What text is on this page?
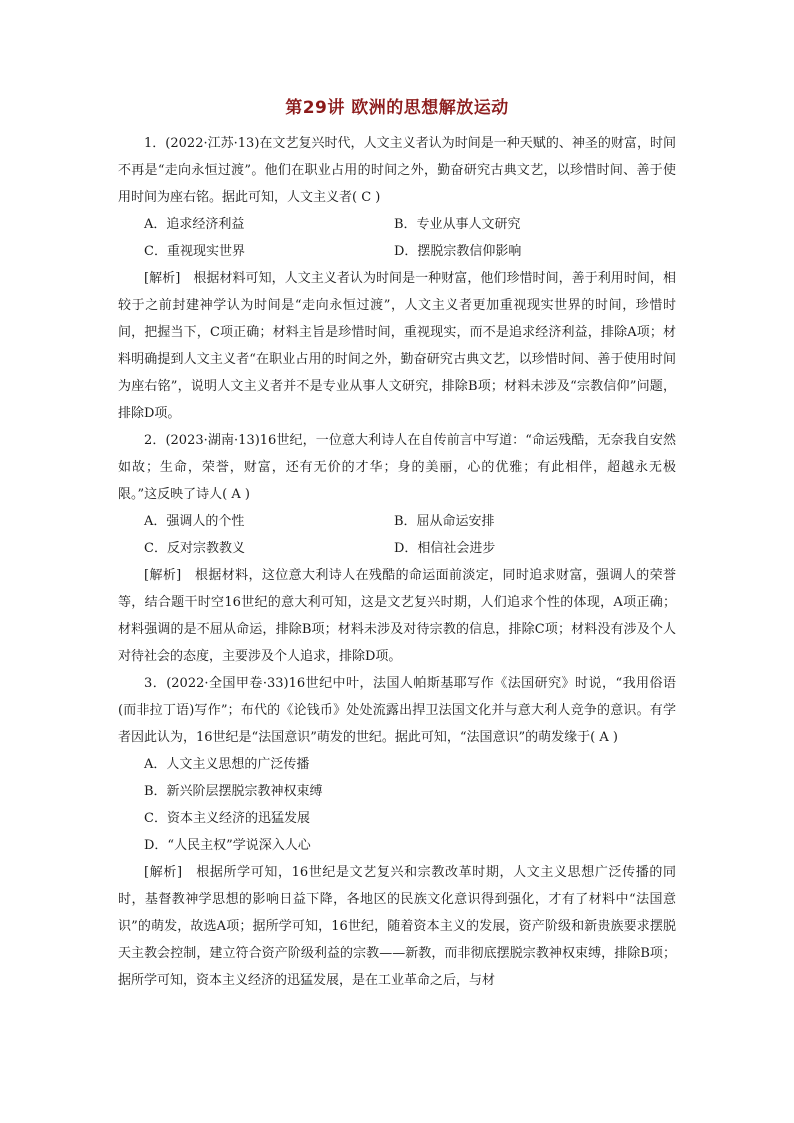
第29讲 欧洲的思想解放运动

1．(2022·江苏·13)在文艺复兴时代，人文主义者认为时间是一种天赋的、神圣的财富，时间不再是“走向永恒过渡”。他们在职业占用的时间之外，勤奋研究古典文艺，以珍惜时间、善于使用时间为座右铭。据此可知，人文主义者( C )

A．追求经济利益	B．专业从事人文研究
C．重视现实世界	D．摆脱宗教信仰影响

[解析]　根据材料可知，人文主义者认为时间是一种财富，他们珍惜时间，善于利用时间，相较于之前封建神学认为时间是“走向永恒过渡”，人文主义者更加重视现实世界的时间，珍惜时间，把握当下，C项正确；材料主旨是珍惜时间，重视现实，而不是追求经济利益，排除A项；材料明确提到人文主义者“在职业占用的时间之外，勤奋研究古典文艺，以珍惜时间、善于使用时间为座右铭”，说明人文主义者并不是专业从事人文研究，排除B项；材料未涉及“宗教信仰”问题，排除D项。

2．(2023·湖南·13)16世纪，一位意大利诗人在自传前言中写道：“命运残酷，无奈我自安然如故；生命，荣誉，财富，还有无价的才华；身的美丽，心的优雅；有此相伴，超越永无极限。”这反映了诗人( A )

A．强调人的个性	B．屈从命运安排
C．反对宗教教义	D．相信社会进步

[解析]　根据材料，这位意大利诗人在残酷的命运面前淡定，同时追求财富，强调人的荣誉等，结合题干时空16世纪的意大利可知，这是文艺复兴时期，人们追求个性的体现，A项正确；材料强调的是不屈从命运，排除B项；材料未涉及对待宗教的信息，排除C项；材料没有涉及个人对待社会的态度，主要涉及个人追求，排除D项。

3．(2022·全国甲卷·33)16世纪中叶，法国人帕斯基耶写作《法国研究》时说，“我用俗语(而非拉丁语)写作”；布代的《论钱币》处处流露出捍卫法国文化并与意大利人竞争的意识。有学者因此认为，16世纪是“法国意识”萌发的世纪。据此可知，“法国意识”的萌发缘于( A )

A．人文主义思想的广泛传播
B．新兴阶层摆脱宗教神权束缚
C．资本主义经济的迅猛发展
D．“人民主权”学说深入人心

[解析]　根据所学可知，16世纪是文艺复兴和宗教改革时期，人文主义思想广泛传播的同时，基督教神学思想的影响日益下降，各地区的民族文化意识得到强化，才有了材料中“法国意识”的萌发，故选A项；据所学可知，16世纪，随着资本主义的发展，资产阶级和新贵族要求摆脱天主教会控制，建立符合资产阶级利益的宗教——新教，而非彻底摆脱宗教神权束缚，排除B项；据所学可知，资本主义经济的迅猛发展，是在工业革命之后，与材
